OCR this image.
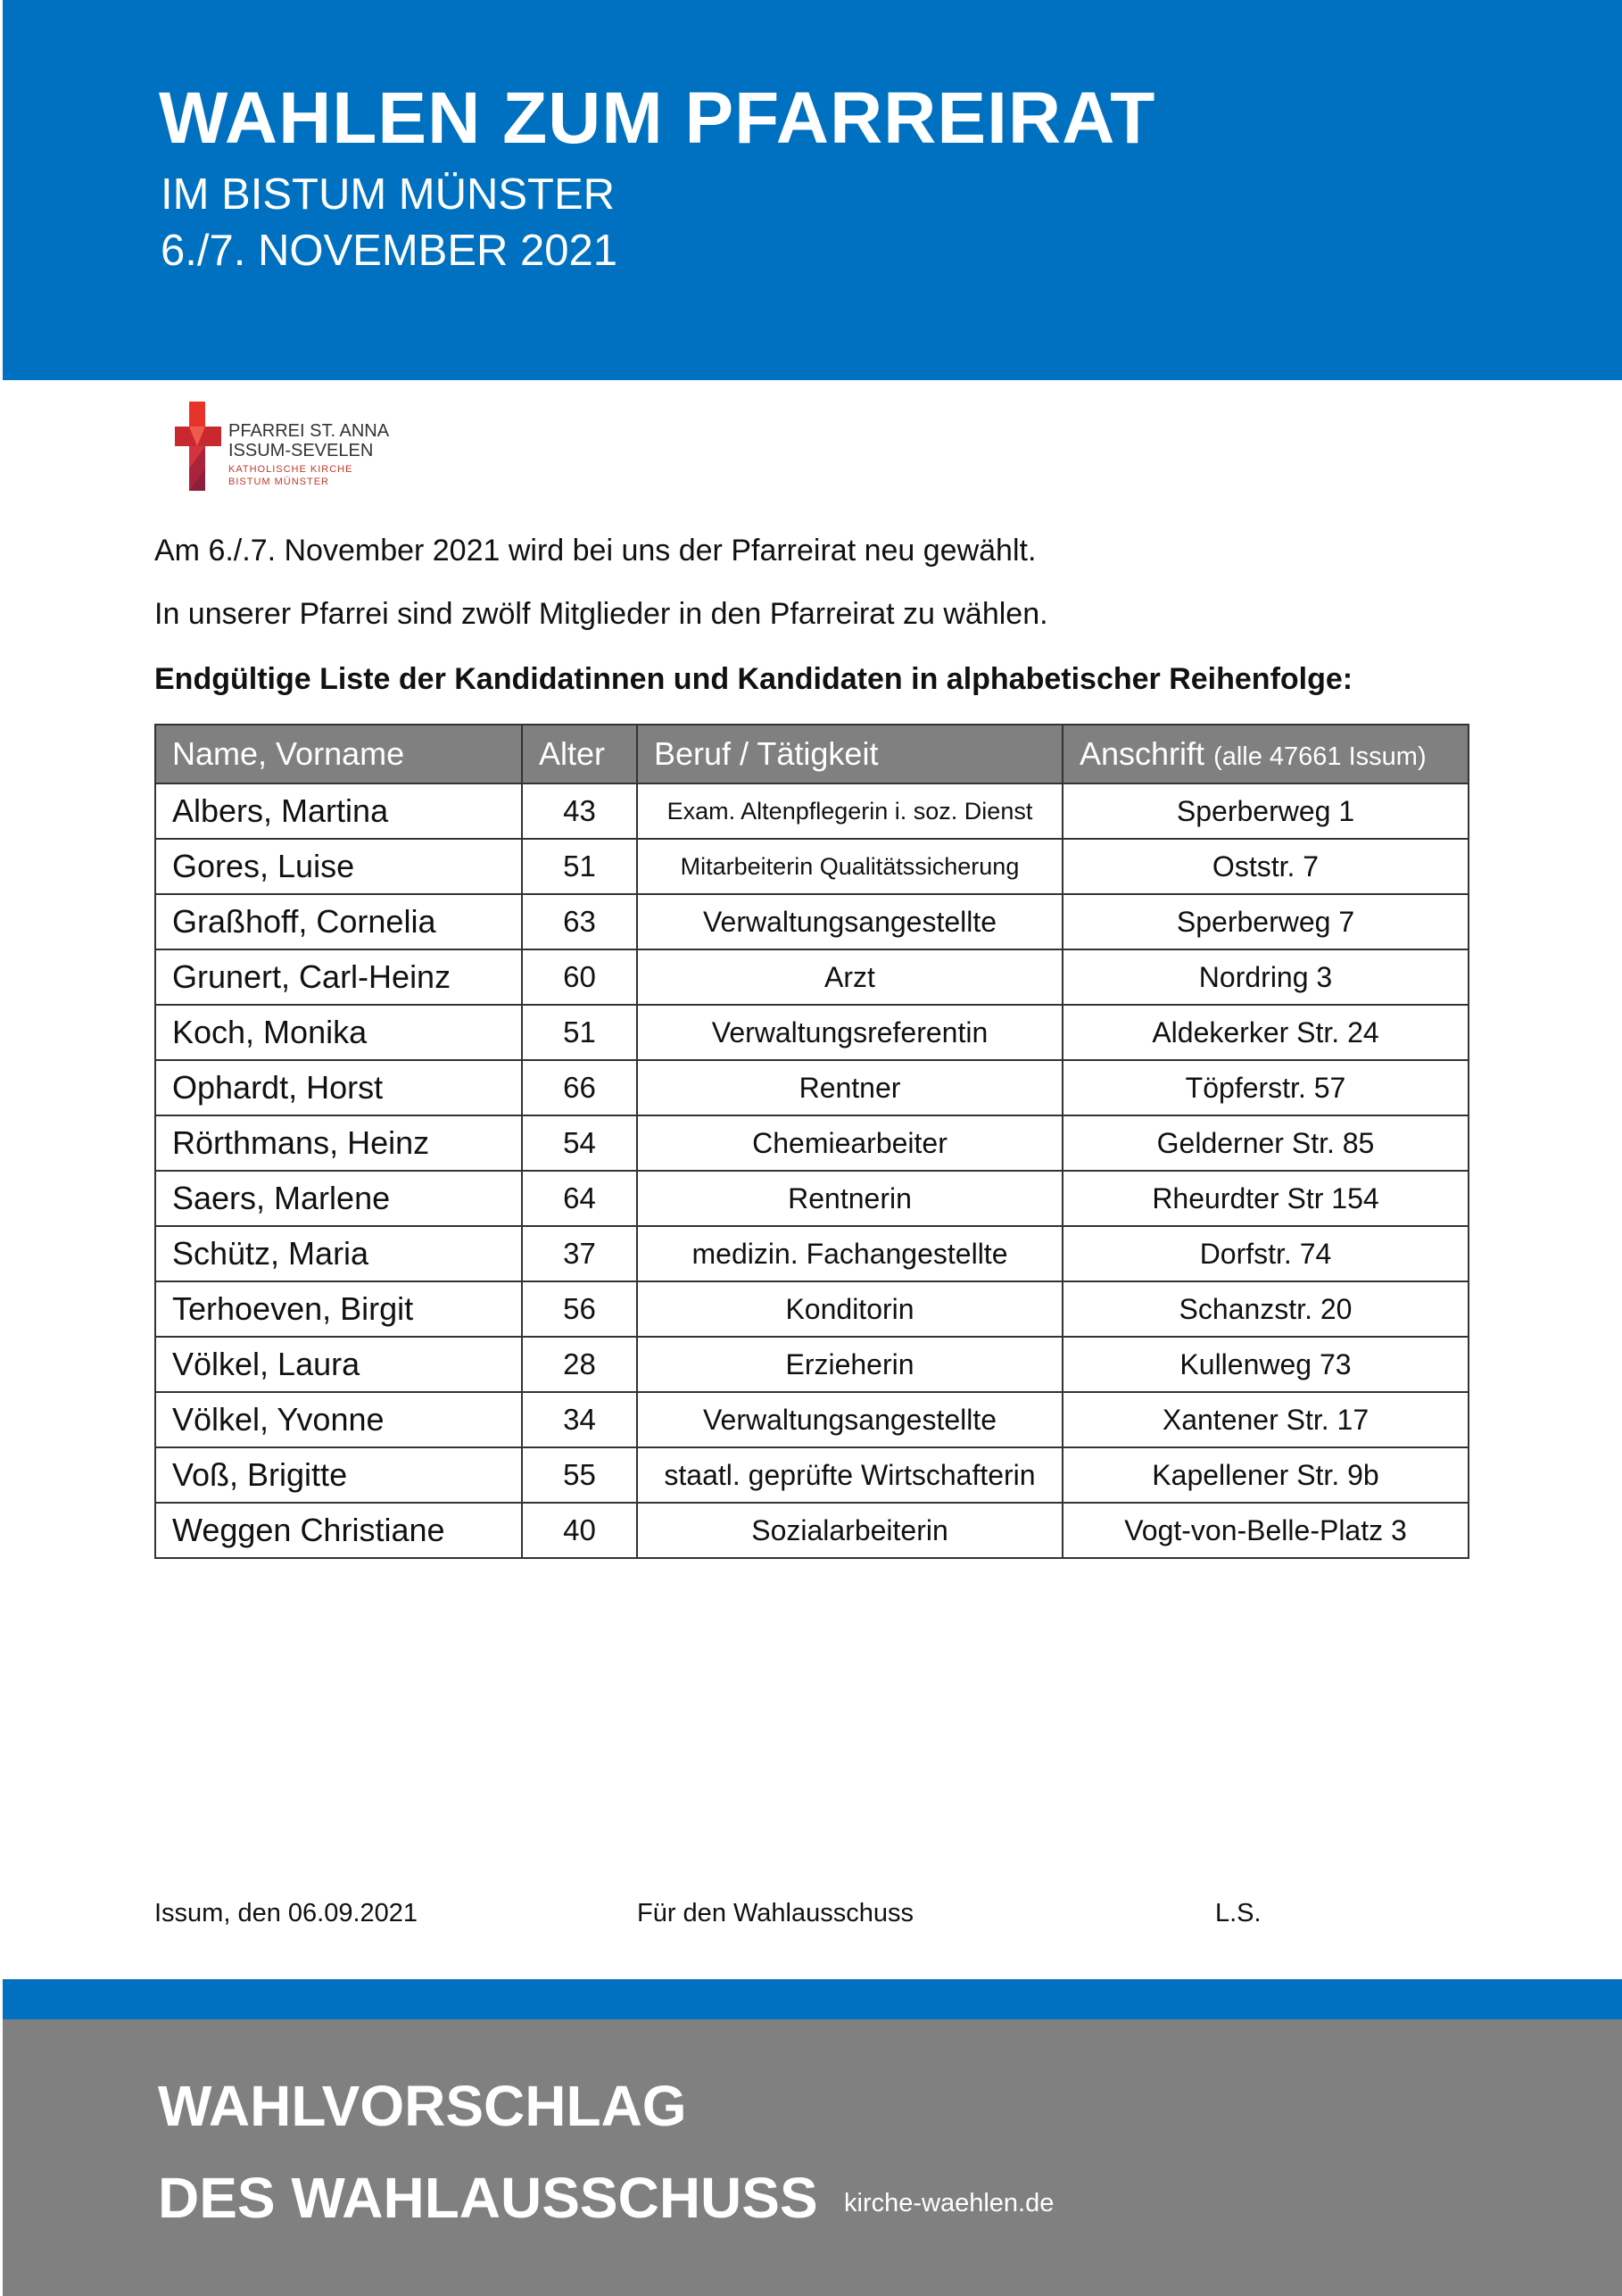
WAHLEN ZUM PFARREIRAT
IM BISTUM MÜNSTER
6./7. NOVEMBER 2021
PFARREI ST. ANNA
ISSUM-SEVELEN
KATHOLISCHE KIRCHE
BISTUM MÜNSTER
Am 6./.7. November 2021 wird bei uns der Pfarreirat neu gewählt.
In unserer Pfarrei sind zwölf Mitglieder in den Pfarreirat zu wählen.
Endgültige Liste der Kandidatinnen und Kandidaten in alphabetischer Reihenfolge:
Name, Vorname	Alter	Beruf / Tätigkeit	Anschrift (alle 47661 Issum)
Albers, Martina	43	Exam. Altenpflegerin i. soz. Dienst	Sperberweg 1
Gores, Luise	51	Mitarbeiterin Qualitätssicherung	Oststr. 7
Graßhoff, Cornelia	63	Verwaltungsangestellte	Sperberweg 7
Grunert, Carl-Heinz	60	Arzt	Nordring 3
Koch, Monika	51	Verwaltungsreferentin	Aldekerker Str. 24
Ophardt, Horst	66	Rentner	Töpferstr. 57
Rörthmans, Heinz	54	Chemiearbeiter	Gelderner Str. 85
Saers, Marlene	64	Rentnerin	Rheurdter Str 154
Schütz, Maria	37	medizin. Fachangestellte	Dorfstr. 74
Terhoeven, Birgit	56	Konditorin	Schanzstr. 20
Völkel, Laura	28	Erzieherin	Kullenweg 73
Völkel, Yvonne	34	Verwaltungsangestellte	Xantener Str. 17
Voß, Brigitte	55	staatl. geprüfte Wirtschafterin	Kapellener Str. 9b
Weggen Christiane	40	Sozialarbeiterin	Vogt-von-Belle-Platz 3
Issum, den 06.09.2021	Für den Wahlausschuss	L.S.
WAHLVORSCHLAG
DES WAHLAUSSCHUSS kirche-waehlen.de
